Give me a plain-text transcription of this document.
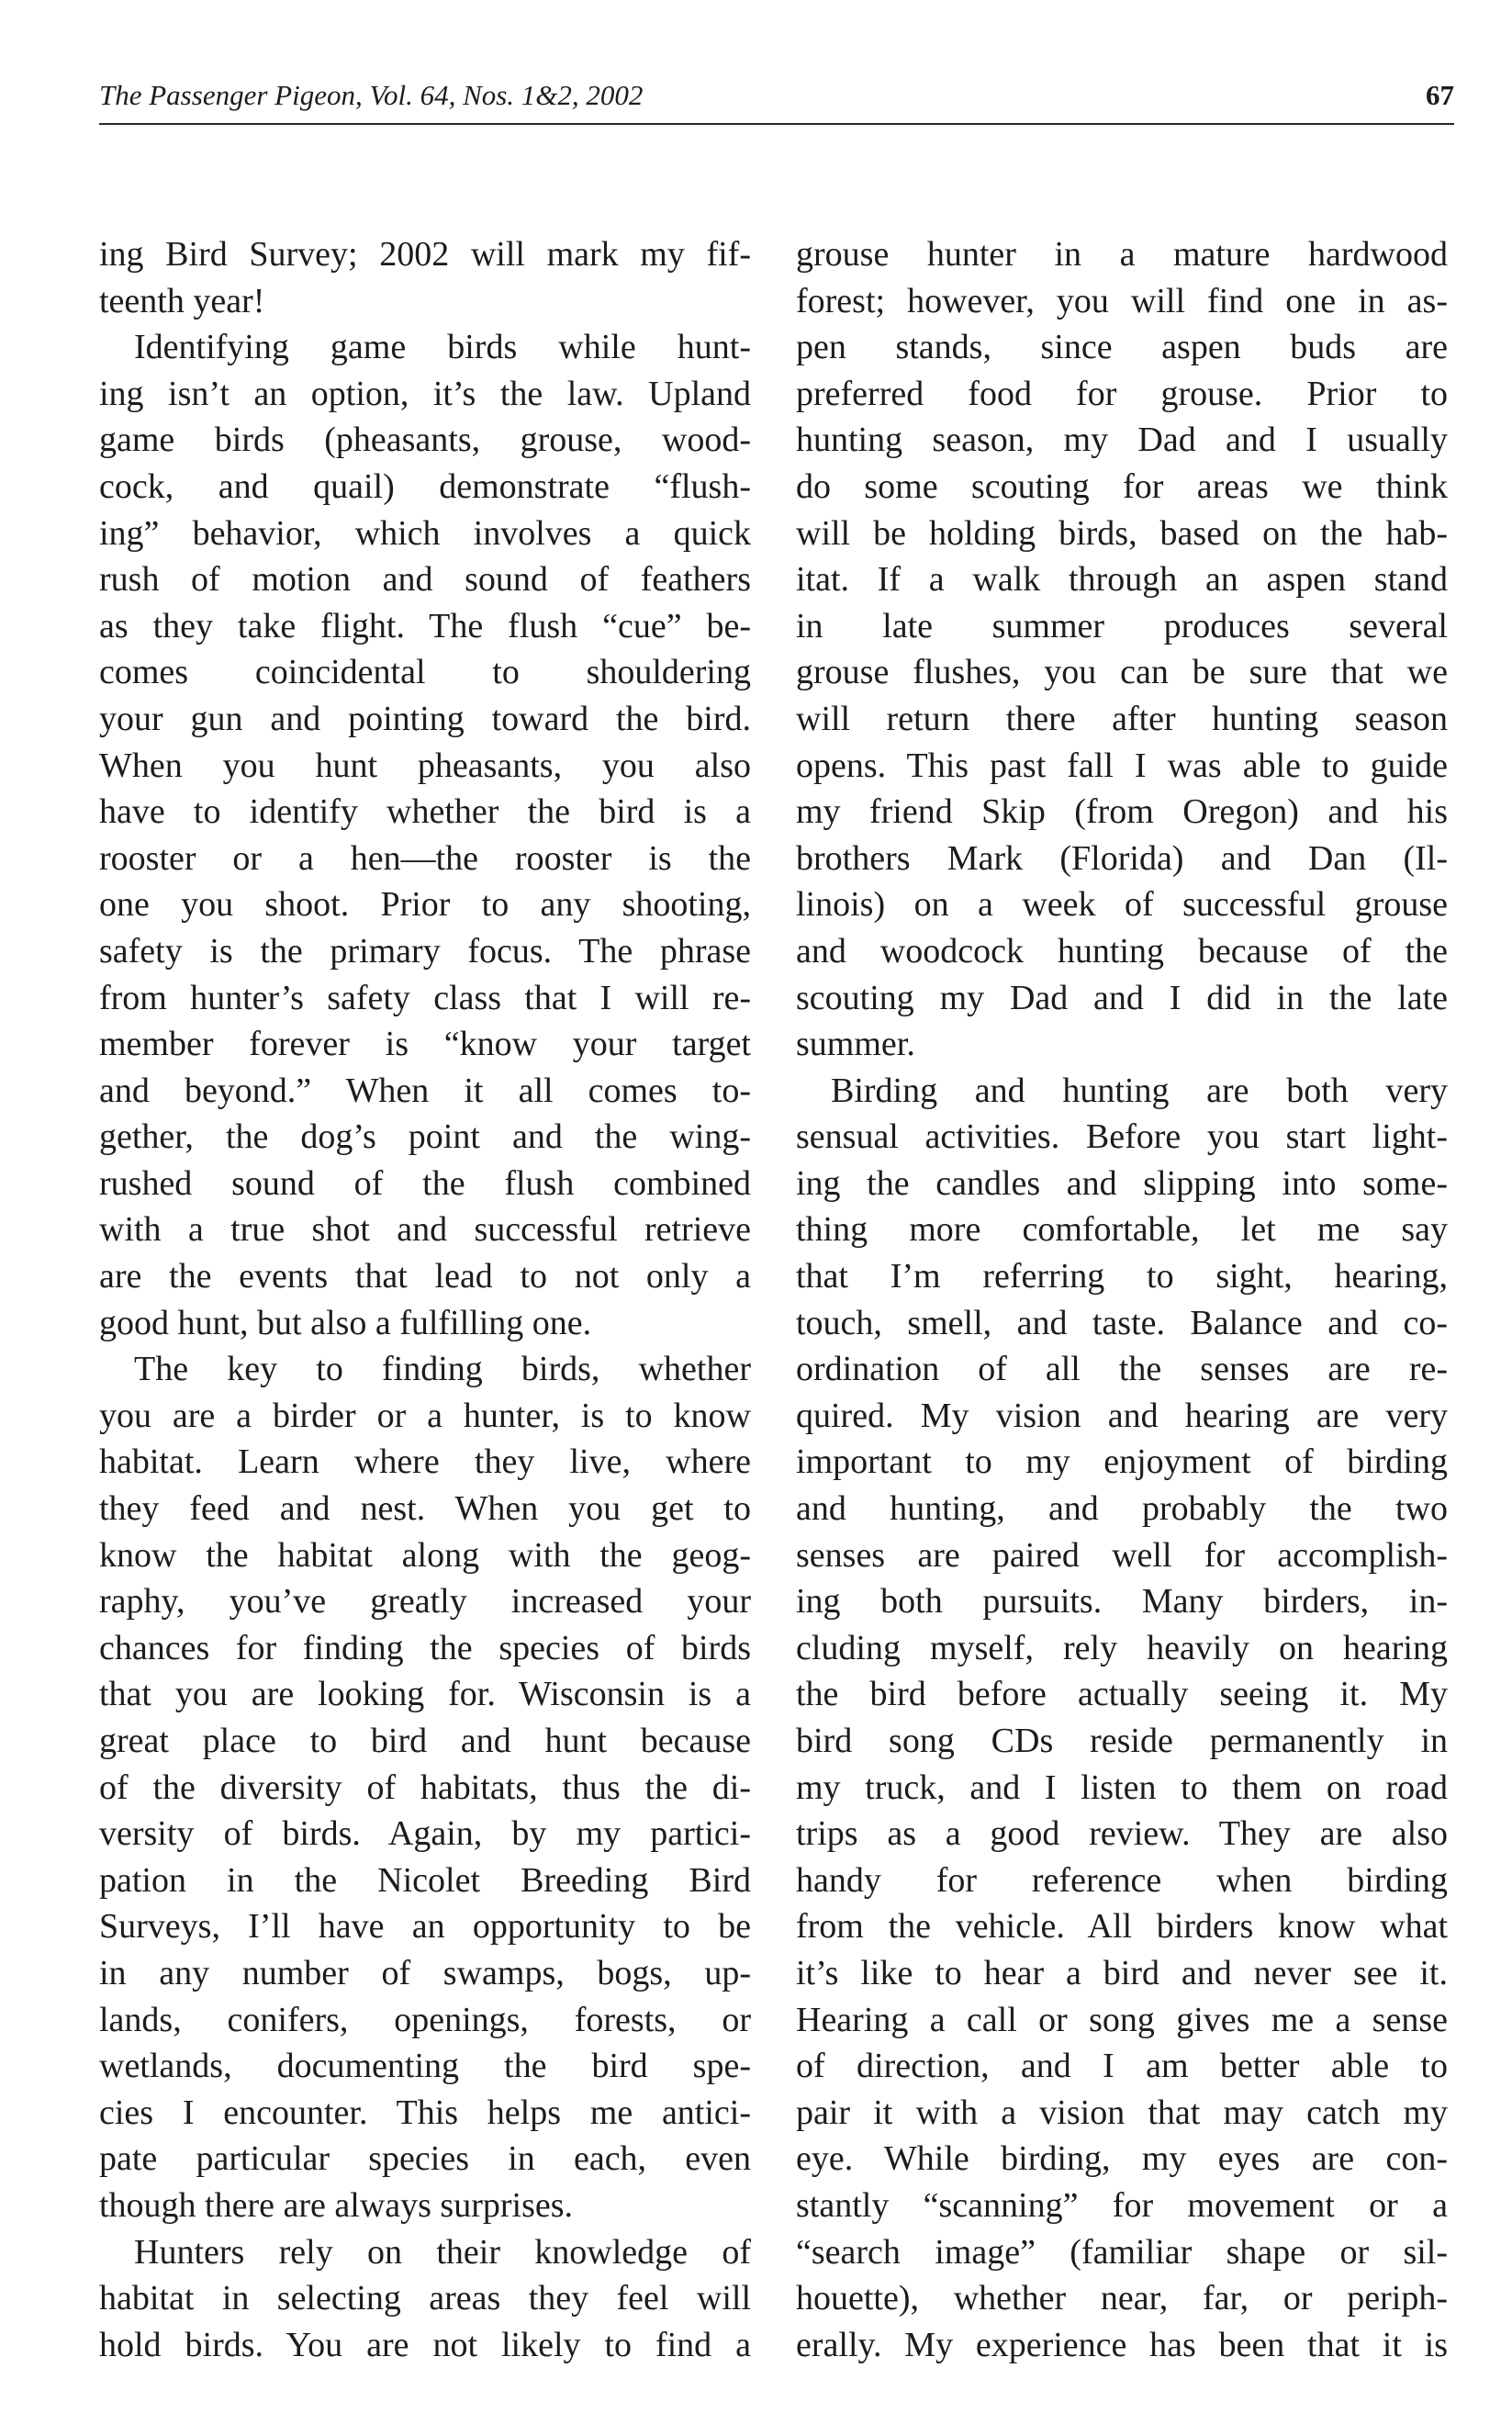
The Passenger Pigeon, Vol. 64, Nos. 1&2, 2002	67
ing Bird Survey; 2002 will mark my fif-
teenth year!
Identifying game birds while hunt-
ing isn’t an option, it’s the law. Upland
game birds (pheasants, grouse, wood-
cock, and quail) demonstrate “flush-
ing” behavior, which involves a quick
rush of motion and sound of feathers
as they take flight. The flush “cue” be-
comes coincidental to shouldering
your gun and pointing toward the bird.
When you hunt pheasants, you also
have to identify whether the bird is a
rooster or a hen—the rooster is the
one you shoot. Prior to any shooting,
safety is the primary focus. The phrase
from hunter’s safety class that I will re-
member forever is “know your target
and beyond.” When it all comes to-
gether, the dog’s point and the wing-
rushed sound of the flush combined
with a true shot and successful retrieve
are the events that lead to not only a
good hunt, but also a fulfilling one.
The key to finding birds, whether
you are a birder or a hunter, is to know
habitat. Learn where they live, where
they feed and nest. When you get to
know the habitat along with the geog-
raphy, you’ve greatly increased your
chances for finding the species of birds
that you are looking for. Wisconsin is a
great place to bird and hunt because
of the diversity of habitats, thus the di-
versity of birds. Again, by my partici-
pation in the Nicolet Breeding Bird
Surveys, I’ll have an opportunity to be
in any number of swamps, bogs, up-
lands, conifers, openings, forests, or
wetlands, documenting the bird spe-
cies I encounter. This helps me antici-
pate particular species in each, even
though there are always surprises.
Hunters rely on their knowledge of
habitat in selecting areas they feel will
hold birds. You are not likely to find a
grouse hunter in a mature hardwood
forest; however, you will find one in as-
pen stands, since aspen buds are
preferred food for grouse. Prior to
hunting season, my Dad and I usually
do some scouting for areas we think
will be holding birds, based on the hab-
itat. If a walk through an aspen stand
in late summer produces several
grouse flushes, you can be sure that we
will return there after hunting season
opens. This past fall I was able to guide
my friend Skip (from Oregon) and his
brothers Mark (Florida) and Dan (Il-
linois) on a week of successful grouse
and woodcock hunting because of the
scouting my Dad and I did in the late
summer.
Birding and hunting are both very
sensual activities. Before you start light-
ing the candles and slipping into some-
thing more comfortable, let me say
that I’m referring to sight, hearing,
touch, smell, and taste. Balance and co-
ordination of all the senses are re-
quired. My vision and hearing are very
important to my enjoyment of birding
and hunting, and probably the two
senses are paired well for accomplish-
ing both pursuits. Many birders, in-
cluding myself, rely heavily on hearing
the bird before actually seeing it. My
bird song CDs reside permanently in
my truck, and I listen to them on road
trips as a good review. They are also
handy for reference when birding
from the vehicle. All birders know what
it’s like to hear a bird and never see it.
Hearing a call or song gives me a sense
of direction, and I am better able to
pair it with a vision that may catch my
eye. While birding, my eyes are con-
stantly “scanning” for movement or a
“search image” (familiar shape or sil-
houette), whether near, far, or periph-
erally. My experience has been that it is
